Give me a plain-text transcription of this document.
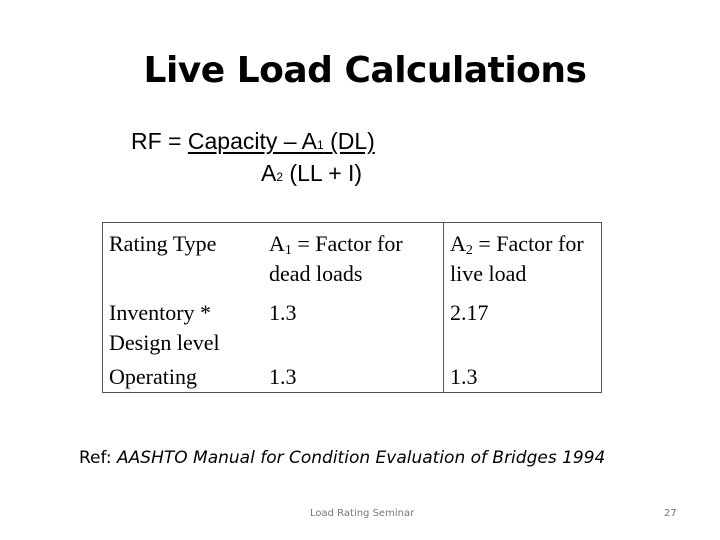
Live Load Calculations
RF = Capacity – A1 (DL)
A2 (LL + I)
Rating Type	$A_1$ = Factor for dead loads	$A_2$ = Factor for live load
Inventory * Design level	1.3	2.17
Operating	1.3	1.3
Ref: AASHTO Manual for Condition Evaluation of Bridges 1994
Load Rating Seminar	27
